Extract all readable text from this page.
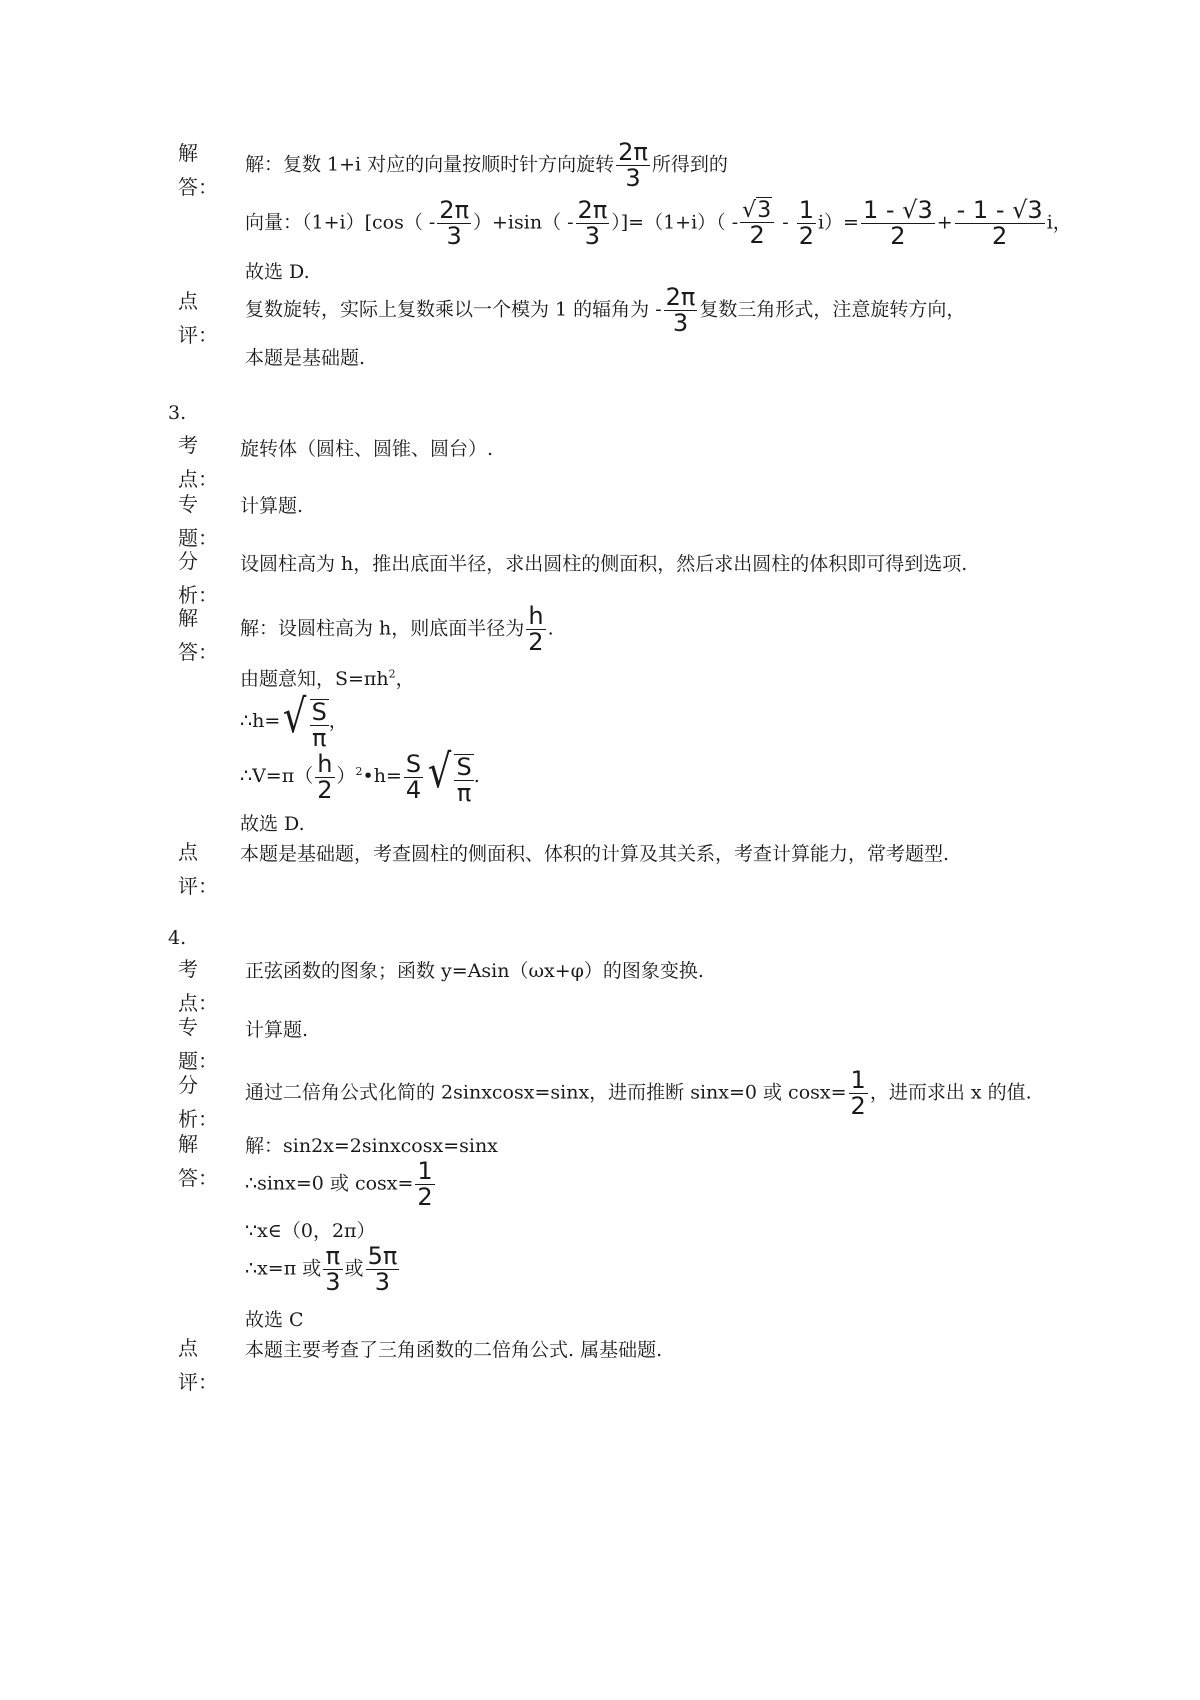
解答：
解：复数 1+i 对应的向量按顺时针方向旋转 $\frac{2\pi}{3}$ 所得到的
向量：$(1+i)[\cos( - \frac{2\pi}{3} )+isin( - \frac{2\pi}{3} )]=(1+i)( - \frac{√3}{2} - \frac{1}{2} i)= \frac{1 - √3}{2} + \frac{- 1 - √3}{2}$ i，
故选 D.
点评：
复数旋转，实际上复数乘以一个模为 1 的辐角为 - $\frac{2\pi}{3}$ 复数三角形式，注意旋转方向，
本题是基础题.
3.
考点：
旋转体（圆柱、圆锥、圆台）.
专题：
计算题.
分析：
设圆柱高为 h，推出底面半径，求出圆柱的侧面积，然后求出圆柱的体积即可得到选项.
解答：
解：设圆柱高为 h，则底面半径为 $\frac{h}{2}$ .
由题意知，$S=\pi h^2$，
∴h= √ $\frac{S}{\pi}$ ，
∴V=π（ $\frac{h}{2}$ ）$^2$•h= $\frac{S}{4}$ √ $\frac{S}{\pi}$ .
故选 D.
点评：
本题是基础题，考查圆柱的侧面积、体积的计算及其关系，考查计算能力，常考题型.
4.
考点：
正弦函数的图象；函数 y=Asin（ωx+φ）的图象变换.
专题：
计算题.
分析：
通过二倍角公式化简的 2sinxcosx=sinx，进而推断 sinx=0 或 $\cos x= \frac{1}{2}$ ，进而求出 x 的值.
解答：
解：sin2x=2sinxcosx=sinx
∴sinx=0 或 $\cos x= \frac{1}{2}$
∵x∈（0，2π）
∴x=π 或 $\frac{\pi}{3}$ 或 $\frac{5\pi}{3}$
故选 C
点评：
本题主要考查了三角函数的二倍角公式. 属基础题.
